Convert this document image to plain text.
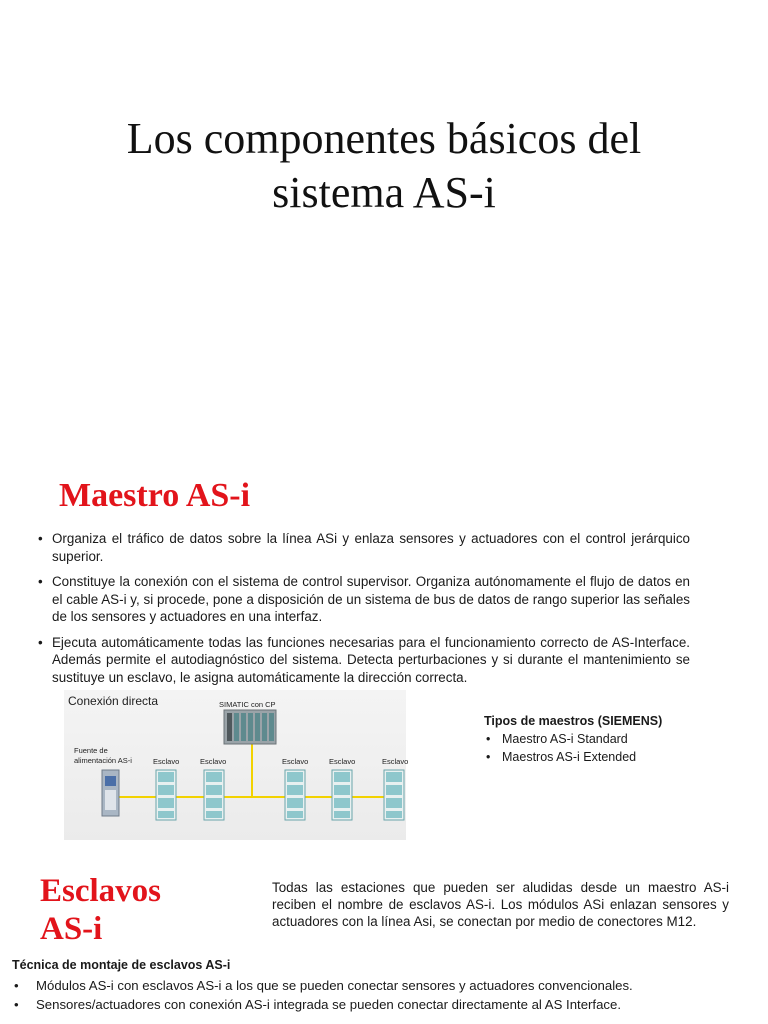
Los componentes básicos del
sistema AS-i
Maestro AS-i
• Organiza el tráfico de datos sobre la línea ASi y enlaza sensores y actuadores con el control jerárquico superior.
• Constituye la conexión con el sistema de control supervisor. Organiza autónomamente el flujo de datos en el cable AS-i y, si procede, pone a disposición de un sistema de bus de datos de rango superior las señales de los sensores y actuadores en una interfaz.
• Ejecuta automáticamente todas las funciones necesarias para el funcionamiento correcto de AS-Interface. Además permite el autodiagnóstico del sistema. Detecta perturbaciones y si durante el mantenimiento se sustituye un esclavo, le asigna automáticamente la dirección correcta.
Conexión directa	SIMATIC con CP
Fuente de
alimentación AS-i	Esclavo	Esclavo	Esclavo	Esclavo	Esclavo
Tipos de maestros (SIEMENS)
• Maestro AS-i Standard
• Maestros AS-i Extended
Esclavos
AS-i
Todas las estaciones que pueden ser aludidas desde un maestro AS-i reciben el nombre de esclavos AS-i. Los módulos ASi enlazan sensores y actuadores con la línea Asi, se conectan por medio de conectores M12.
Técnica de montaje de esclavos AS-i
• Módulos AS-i con esclavos AS-i a los que se pueden conectar sensores y actuadores convencionales.
• Sensores/actuadores con conexión AS-i integrada se pueden conectar directamente al AS Interface.
